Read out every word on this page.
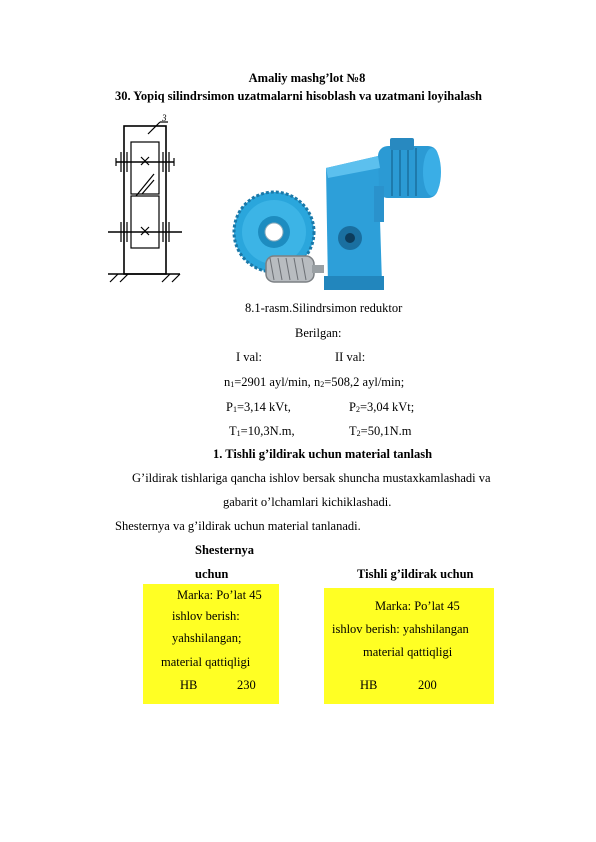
Amaliy mashg’lot №8
30. Yopiq silindrsimon uzatmalarni hisoblash va uzatmani loyihalash
3
8.1-rasm.Silindrsimon reduktor
Berilgan:
I val:	II val:
$n_1=2901$ ayl/min, $n_2=508,2$ ayl/min;
$P_1=3,14$ kVt,	$P_2=3,04$ kVt;
$T_1=10,3N.m$,	$T_2=50,1N.m$
1. Tishli g’ildirak uchun material tanlash
G’ildirak tishlariga qancha ishlov bersak shuncha mustaxkamlashadi va
gabarit o’lchamlari kichiklashadi.
Shesternya va g’ildirak uchun material tanlanadi.
Shesternya
uchun	Tishli g’ildirak uchun
Marka: Po’lat 45
ishlov berish:
yahshilangan;
material qattiqligi
HB	230
Marka: Po’lat 45
ishlov berish: yahshilangan
material qattiqligi
HB	200
